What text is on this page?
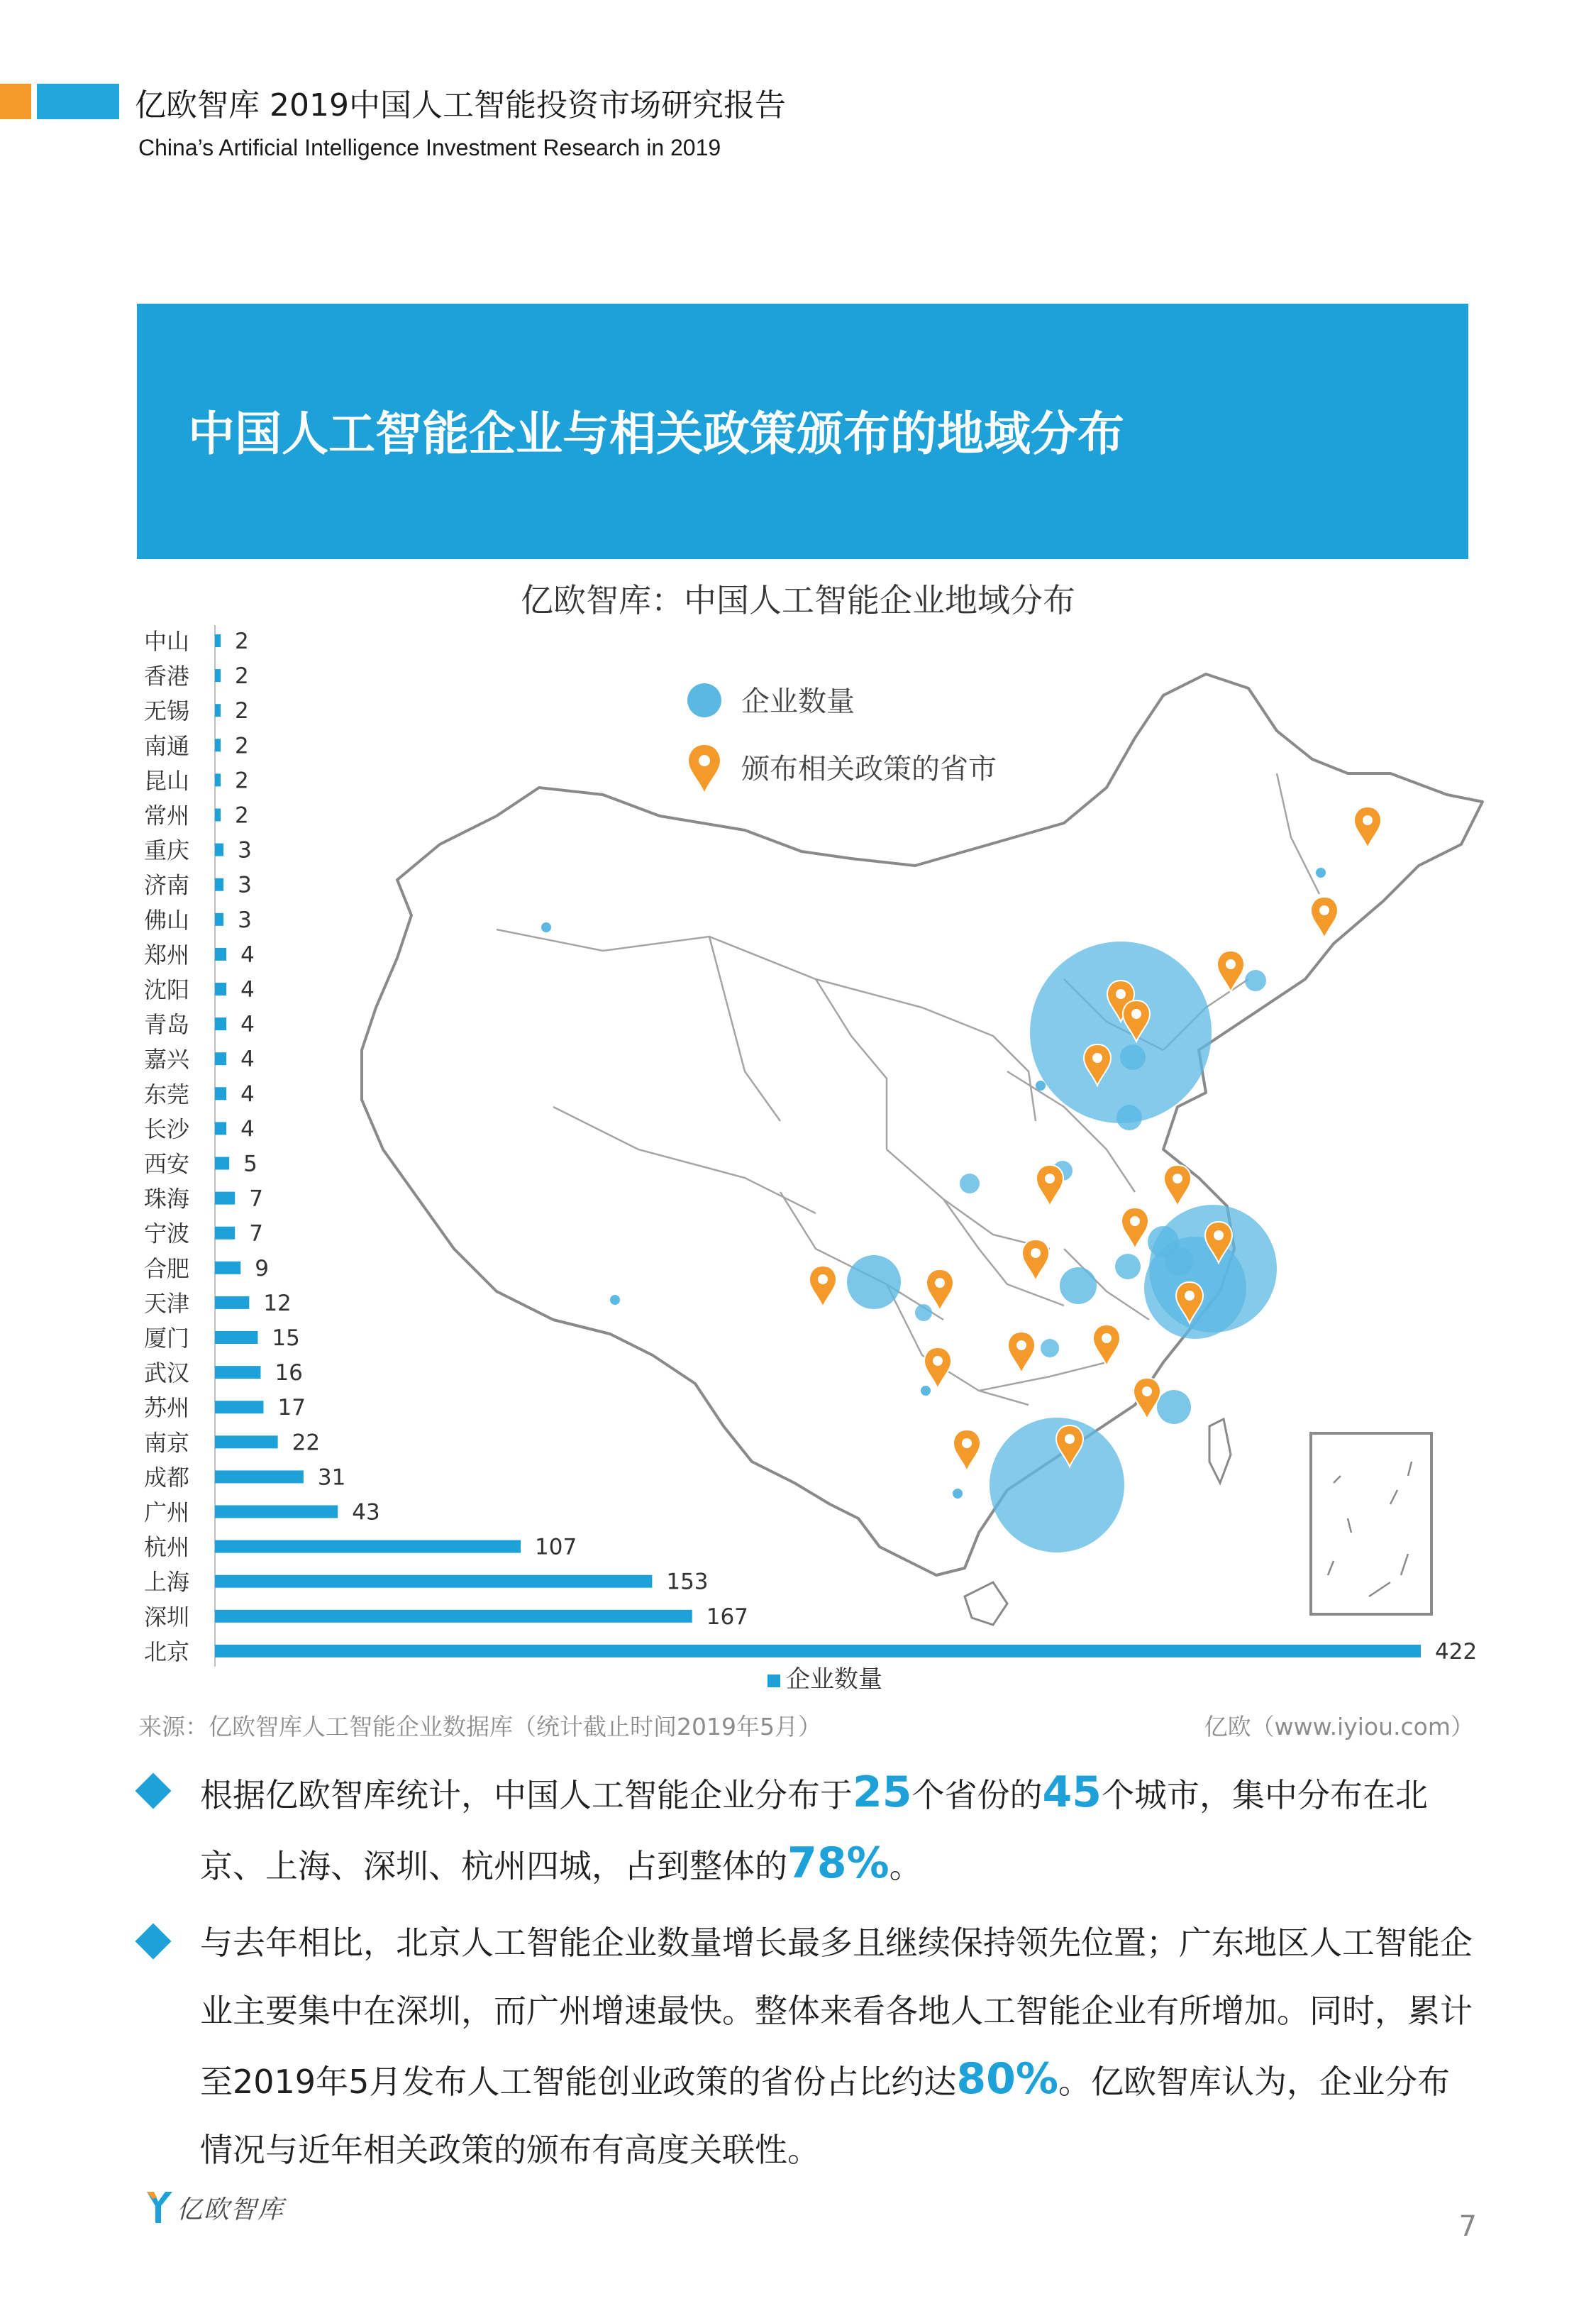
亿欧智库 2019中国人工智能投资市场研究报告
China’s Artificial Intelligence Investment Research in 2019
中国人工智能企业与相关政策颁布的地域分布
亿欧智库：中国人工智能企业地域分布
企业数量
颁布相关政策的省市
中山 2
香港 2
无锡 2
南通 2
昆山 2
常州 2
重庆 3
济南 3
佛山 3
郑州 4
沈阳 4
青岛 4
嘉兴 4
东莞 4
长沙 4
西安 5
珠海	7
宁波	7
合肥	9
天津	12
厦门	15
武汉	16
苏州	17
南京	22
成都	31
广州	43
杭州	107
上海	153
深圳	167
北京	422
企业数量
来源：亿欧智库人工智能企业数据库（统计截止时间2019年5月）	亿欧（www.iyiou.com）
根据亿欧智库统计，中国人工智能企业分布于25个省份的45个城市，集中分布在北京、上海、深圳、杭州四城，占到整体的78%。
与去年相比，北京人工智能企业数量增长最多且继续保持领先位置；广东地区人工智能企业主要集中在深圳，而广州增速最快。整体来看各地人工智能企业有所增加。同时，累计至2019年5月发布人工智能创业政策的省份占比约达80%。亿欧智库认为，企业分布情况与近年相关政策的颁布有高度关联性。
亿欧智库
7
